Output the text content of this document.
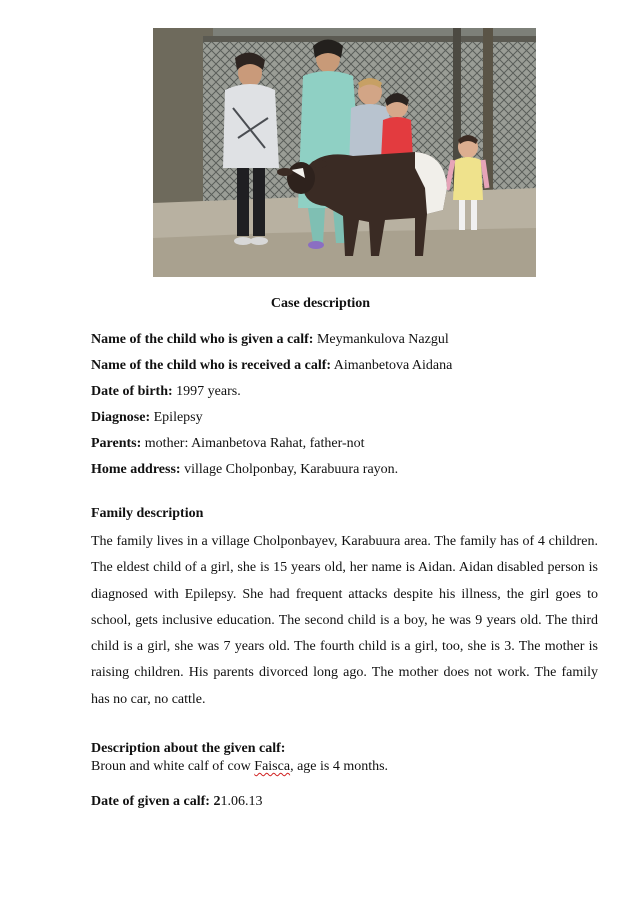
Case description
Name of the child who is given a calf: Meymankulova Nazgul
Name of the child who is received a calf: Aimanbetova Aidana
Date of birth: 1997 years.
Diagnose: Epilepsy
Parents: mother: Aimanbetova Rahat, father-not
Home address: village Cholponbay, Karabuura rayon.
Family description
The family lives in a village Cholponbayev, Karabuura area. The family has of 4 children. The eldest child of a girl, she is 15 years old, her name is Aidan. Aidan disabled person is diagnosed with Epilepsy. She had frequent attacks despite his illness, the girl goes to school, gets inclusive education. The second child is a boy, he was 9 years old. The third child is a girl, she was 7 years old. The fourth child is a girl, too, she is 3. The mother is raising children. His parents divorced long ago. The mother does not work. The family has no car, no cattle.
Description about the given calf:
Broun and white calf of cow Faisca, age is 4 months.
Date of given a calf: 21.06.13
